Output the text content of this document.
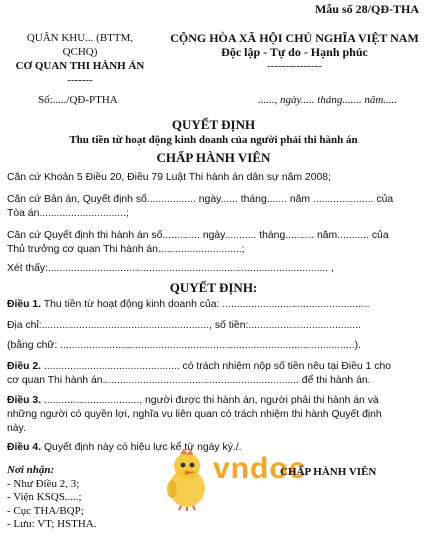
Mẫu số 28/QĐ-THA
QUÂN KHU... (BTTM,
QCHQ)
CƠ QUAN THI HÀNH ÁN
-------
Số:...../QĐ-PTHA
CỘNG HÒA XÃ HỘI CHỦ NGHĨA VIỆT NAM
Độc lập - Tự do - Hạnh phúc
---------------
......, ngày..... tháng....... năm.....
QUYẾT ĐỊNH
Thu tiền từ hoạt động kinh doanh của người phải thi hành án
CHẤP HÀNH VIÊN
Căn cứ Khoản 5 Điều 20, Điều 79 Luật Thi hành án dân sự năm 2008;
Căn cứ Bản án, Quyết định số................. ngày...... tháng....... năm ..................... của
Tòa án..............................;
Căn cứ Quyết định thi hành án số............. ngày........... tháng.......... năm........... của
Thủ trưởng cơ quan Thi hành án.............................;
Xét thấy:................................................................................................. ,
QUYẾT ĐỊNH:
Điều 1. Thu tiền từ hoạt động kinh doanh của: ...................................................
Địa chỉ:.........................................................., số tiền:.......................................
(bằng chữ: ......................................................................................................).
Điều 2. ............................................... có trách nhiệm nộp số tiền nêu tại Điều 1 cho
cơ quan Thi hành án.................................................................... để thi hành án.
Điều 3. ................................., người được thi hành án, người phải thi hành án và
những người có quyền lợi, nghĩa vụ liên quan có trách nhiệm thi hành Quyết định
này.
Điều 4. Quyết định này có hiệu lực kể từ ngày ký./.
vndoc
CHẤP HÀNH VIÊN
Nơi nhận:
- Như Điều 2, 3;
- Viện KSQS.....;
- Cục THA/BQP;
- Lưu: VT; HSTHA.
